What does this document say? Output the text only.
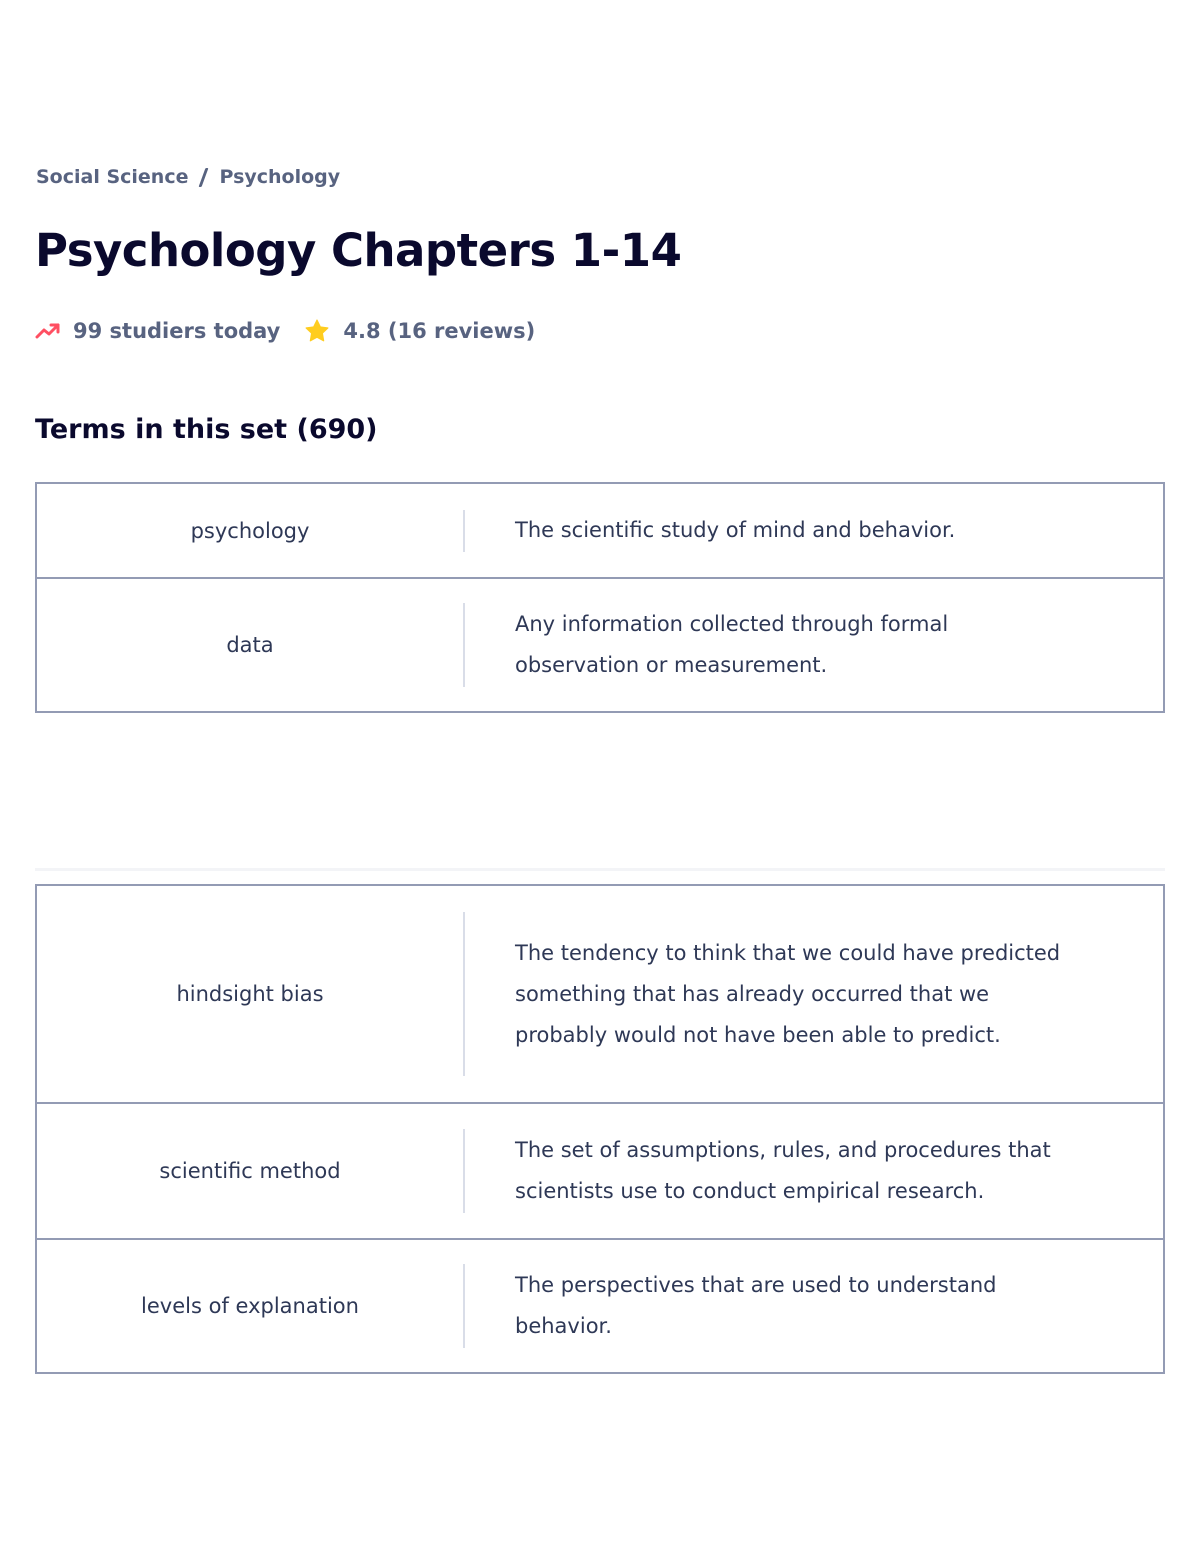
Social Science Psychology
Psychology Chapters 1-14
99 studiers today	4.8 (16 reviews)
Terms in this set (690)
psychology	The scientific study of mind and behavior.
data
Any information collected through formal observation or measurement.
hindsight bias
The tendency to think that we could have predicted something that has already occurred that we probably would not have been able to predict.
scientific method
The set of assumptions, rules, and procedures that scientists use to conduct empirical research.
levels of explanation
The perspectives that are used to understand behavior.
